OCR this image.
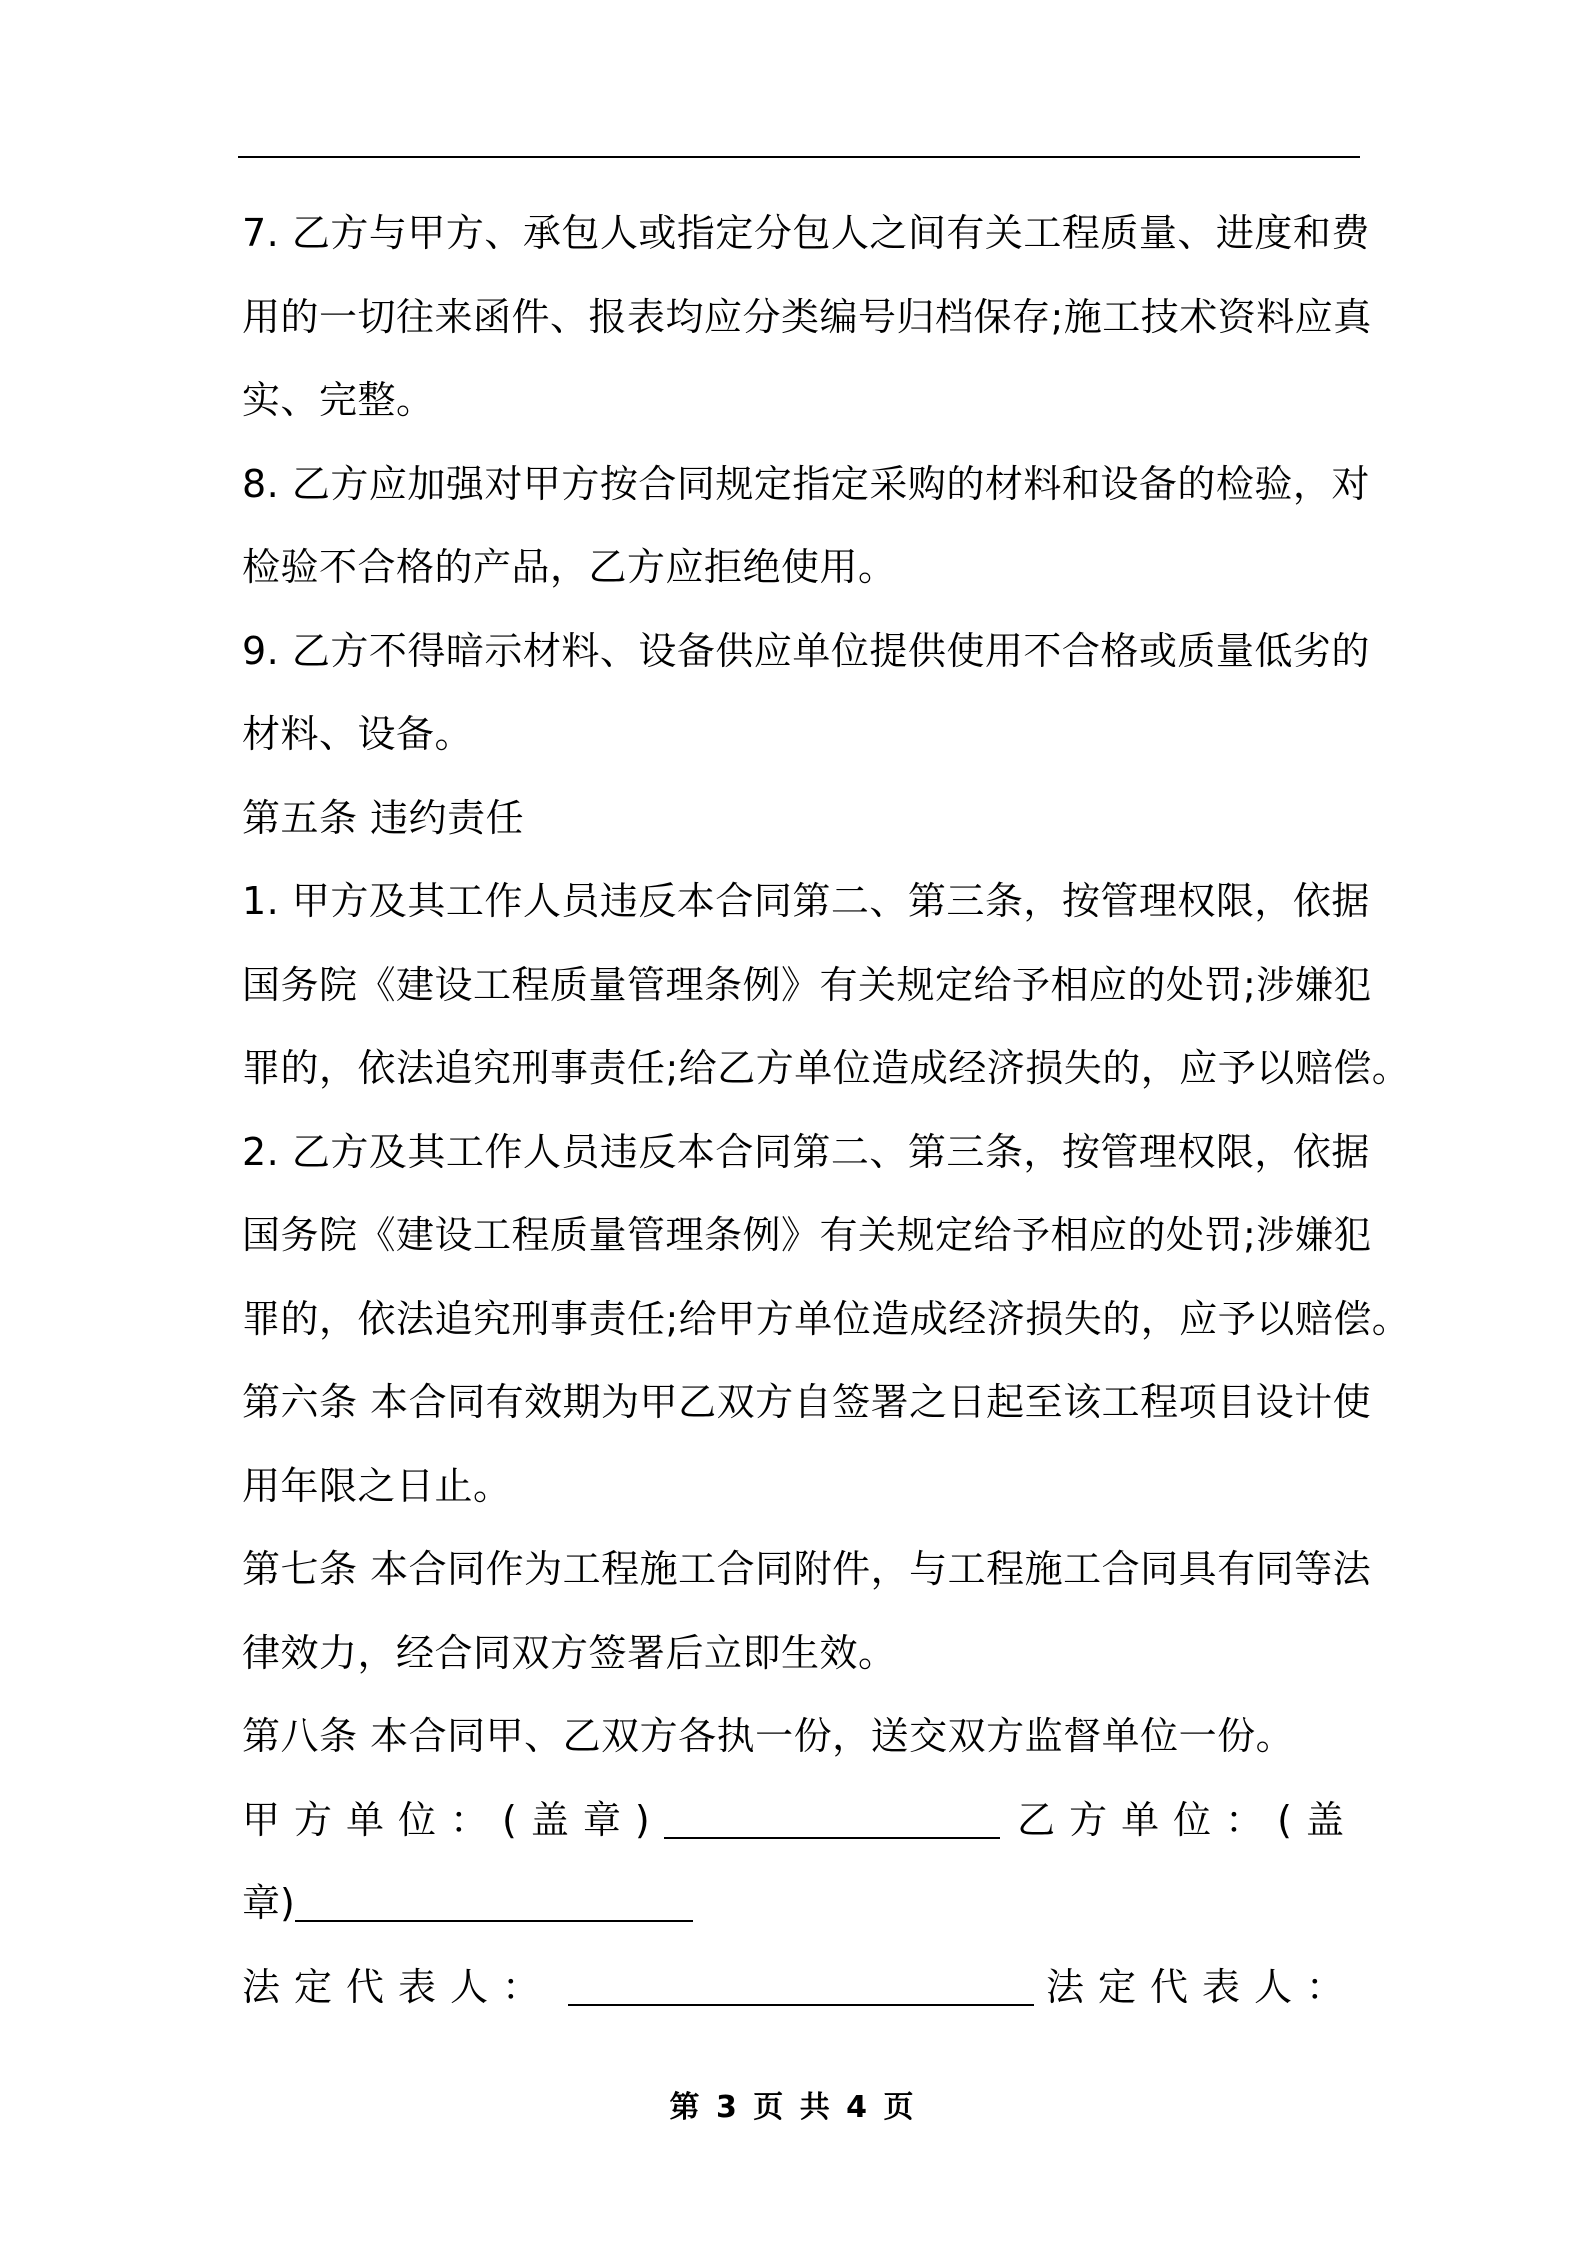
7. 乙方与甲方、承包人或指定分包人之间有关工程质量、进度和费
用的一切往来函件、报表均应分类编号归档保存;施工技术资料应真
实、完整。
8. 乙方应加强对甲方按合同规定指定采购的材料和设备的检验，对
检验不合格的产品，乙方应拒绝使用。
9. 乙方不得暗示材料、设备供应单位提供使用不合格或质量低劣的
材料、设备。
第五条 违约责任
1. 甲方及其工作人员违反本合同第二、第三条，按管理权限，依据
国务院《建设工程质量管理条例》有关规定给予相应的处罚;涉嫌犯
罪的，依法追究刑事责任;给乙方单位造成经济损失的，应予以赔偿。
2. 乙方及其工作人员违反本合同第二、第三条，按管理权限，依据
国务院《建设工程质量管理条例》有关规定给予相应的处罚;涉嫌犯
罪的，依法追究刑事责任;给甲方单位造成经济损失的，应予以赔偿。
第六条 本合同有效期为甲乙双方自签署之日起至该工程项目设计使
用年限之日止。
第七条 本合同作为工程施工合同附件，与工程施工合同具有同等法
律效力，经合同双方签署后立即生效。
第八条 本合同甲、乙双方各执一份，送交双方监督单位一份。
甲方单位：(盖章)	乙方单位：(盖
章)
法定代表人：	法定代表人：
第 3 页 共 4 页
